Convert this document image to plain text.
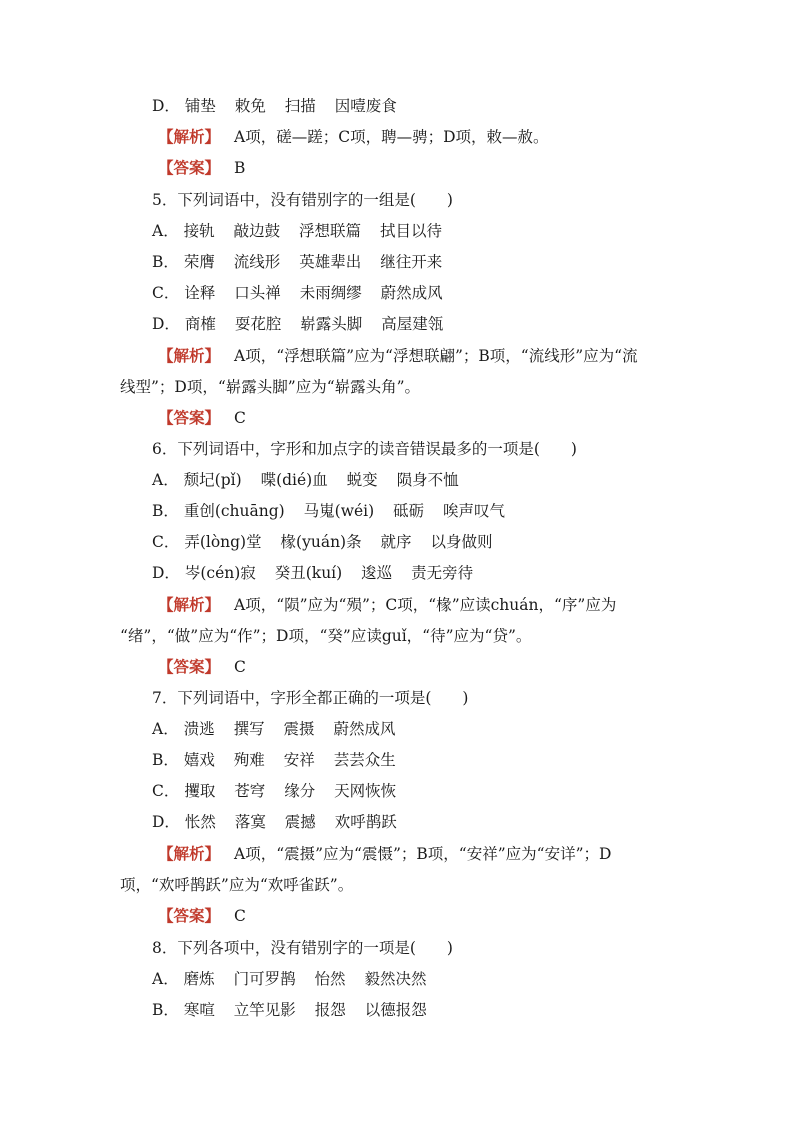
D． 铺垫 敕免 扫描 因噎废食
【解析】 A项，磋—蹉；C项，聘—骋；D项，敕—赦。
【答案】 B
5．下列词语中，没有错别字的一组是(　　)
A． 接轨 敲边鼓 浮想联篇 拭目以待
B． 荣膺 流线形 英雄辈出 继往开来
C． 诠释 口头禅 未雨绸缪 蔚然成风
D． 商榷 耍花腔 崭露头脚 高屋建瓴
【解析】 A项，“浮想联篇”应为“浮想联翩”；B项，“流线形”应为“流
线型”；D项，“崭露头脚”应为“崭露头角”。
【答案】 C
6．下列词语中，字形和加点字的读音错误最多的一项是(　　)
A． 颓圮(pǐ) 喋(dié)血 蜕变 陨身不恤
B． 重创(chuāng) 马嵬(wéi) 砥砺 唉声叹气
C． 弄(lòng)堂 椽(yuán)条 就序 以身做则
D． 岑(cén)寂 癸丑(kuí) 逡巡 责无旁待
【解析】 A项，“陨”应为“殒”；C项，“椽”应读chuán，“序”应为
“绪”，“做”应为“作”；D项，“癸”应读guǐ，“待”应为“贷”。
【答案】 C
7．下列词语中，字形全都正确的一项是(　　)
A． 溃逃 撰写 震摄 蔚然成风
B． 嬉戏 殉难 安祥 芸芸众生
C． 攫取 苍穹 缘分 天网恢恢
D． 怅然 落寞 震撼 欢呼鹊跃
【解析】 A项，“震摄”应为“震慑”；B项，“安祥”应为“安详”；D
项，“欢呼鹊跃”应为“欢呼雀跃”。
【答案】 C
8．下列各项中，没有错别字的一项是(　　)
A． 磨炼 门可罗鹊 怡然 毅然决然
B． 寒喧 立竿见影 报怨 以德报怨
